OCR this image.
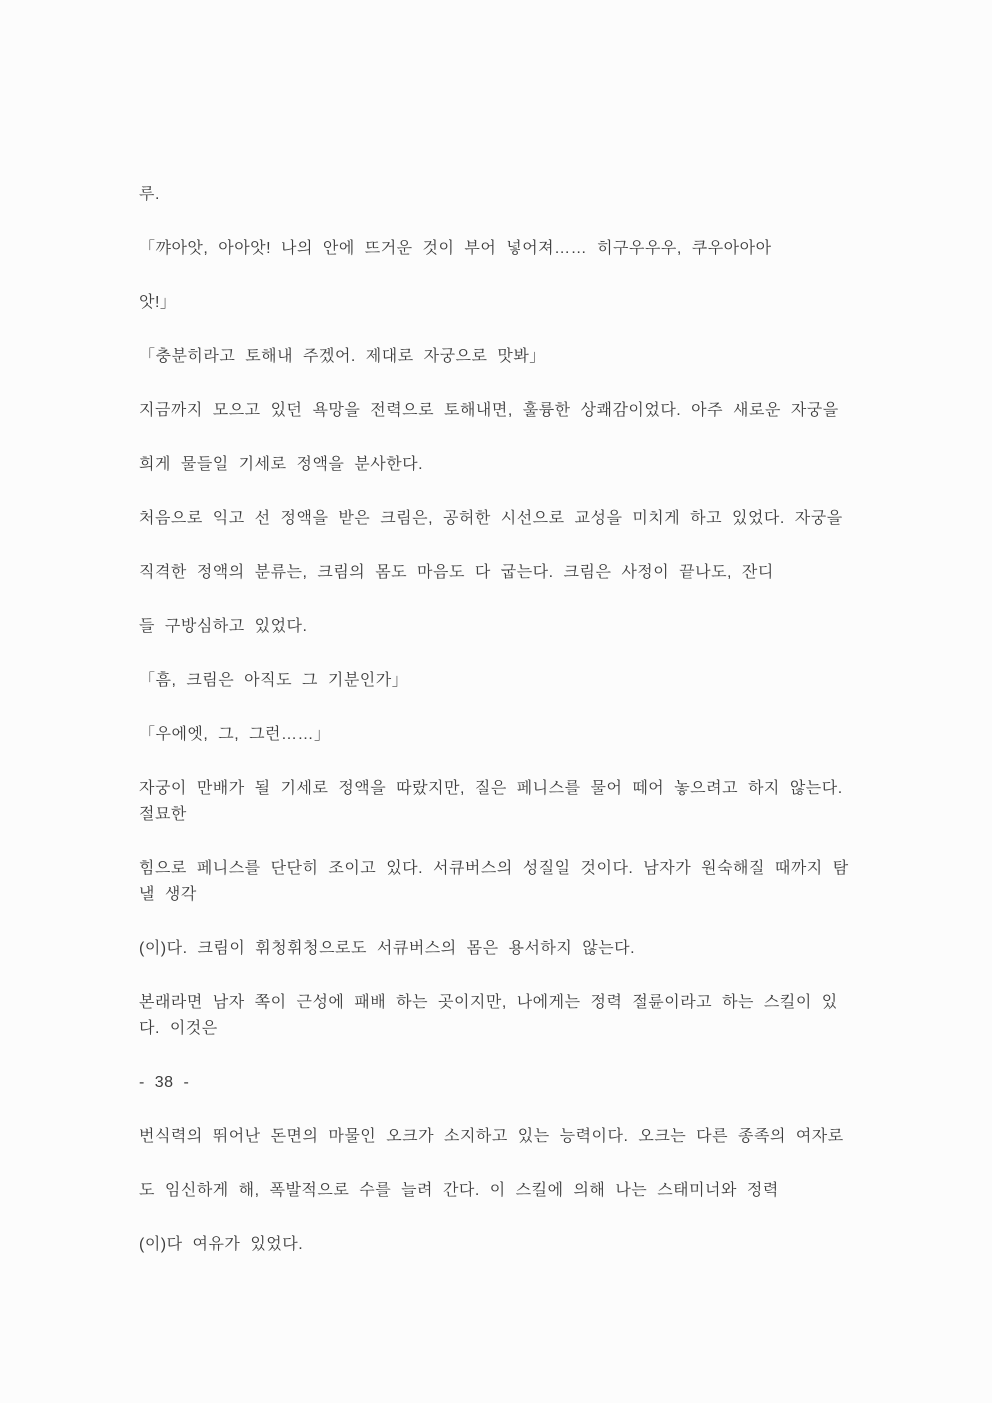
루.
「꺄아앗, 아아앗! 나의 안에 뜨거운 것이 부어 넣어져…… 히구우우우, 쿠우아아아
앗!」
「충분히라고 토해내 주겠어. 제대로 자궁으로 맛봐」
지금까지 모으고 있던 욕망을 전력으로 토해내면, 훌륭한 상쾌감이었다. 아주 새로운 자궁을
희게 물들일 기세로 정액을 분사한다.
처음으로 익고 선 정액을 받은 크림은, 공허한 시선으로 교성을 미치게 하고 있었다. 자궁을
직격한 정액의 분류는, 크림의 몸도 마음도 다 굽는다. 크림은 사정이 끝나도, 잔디
들 구방심하고 있었다.
「흠, 크림은 아직도 그 기분인가」
「우에엣, 그, 그런……」
자궁이 만배가 될 기세로 정액을 따랐지만, 질은 페니스를 물어 떼어 놓으려고 하지 않는다.
절묘한
힘으로 페니스를 단단히 조이고 있다. 서큐버스의 성질일 것이다. 남자가 원숙해질 때까지 탐
낼 생각
(이)다. 크림이 휘청휘청으로도 서큐버스의 몸은 용서하지 않는다.
본래라면 남자 쪽이 근성에 패배 하는 곳이지만, 나에게는 정력 절륜이라고 하는 스킬이 있
다. 이것은
- 38 -
번식력의 뛰어난 돈면의 마물인 오크가 소지하고 있는 능력이다. 오크는 다른 종족의 여자로
도 임신하게 해, 폭발적으로 수를 늘려 간다. 이 스킬에 의해 나는 스태미너와 정력
(이)다 여유가 있었다.
